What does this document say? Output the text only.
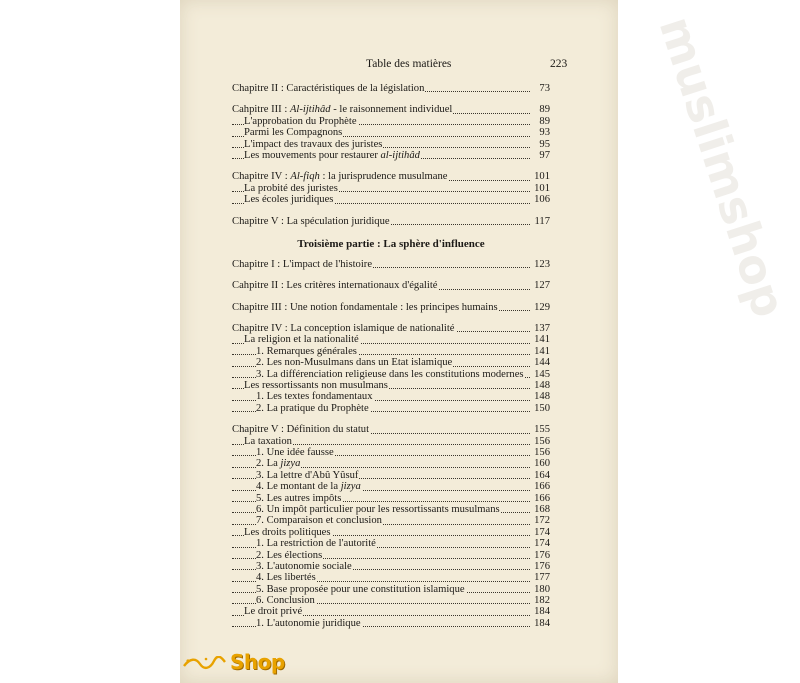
muslimshop
Table des matières	223
Chapitre II : Caractéristiques de la législation	73
Cahpitre III : Al-ijtihâd - le raisonnement individuel	89
L'approbation du Prophète	89
Parmi les Compagnons	93
L'impact des travaux des juristes	95
Les mouvements pour restaurer al-ijtihâd	97
Chapitre IV : Al-fiqh : la jurisprudence musulmane	101
La probité des juristes	101
Les écoles juridiques	106
Chapitre V : La spéculation juridique	117
Troisième partie : La sphère d'influence
Chapitre I : L'impact de l'histoire	123
Cahpitre II : Les critères internationaux d'égalité	127
Chapitre III : Une notion fondamentale : les principes humains	129
Chapitre IV : La conception islamique de nationalité	137
La religion et la nationalité	141
1. Remarques générales	141
2. Les non-Musulmans dans un Etat islamique	144
3. La différenciation religieuse dans les constitutions modernes 145
Les ressortissants non musulmans	148
1. Les textes fondamentaux	148
2. La pratique du Prophète	150
Chapitre V : Définition du statut	155
La taxation	156
1. Une idée fausse	156
2. La jizya	160
3. La lettre d'Abû Yûsuf	164
4. Le montant de la jizya	166
5. Les autres impôts	166
6. Un impôt particulier pour les ressortissants musulmans	168
7. Comparaison et conclusion	172
Les droits politiques	174
1. La restriction de l'autorité	174
2. Les élections	176
3. L'autonomie sociale	176
4. Les libertés	177
5. Base proposée pour une constitution islamique	180
6. Conclusion	182
Le droit privé	184
1. L'autonomie juridique	184
Shop
